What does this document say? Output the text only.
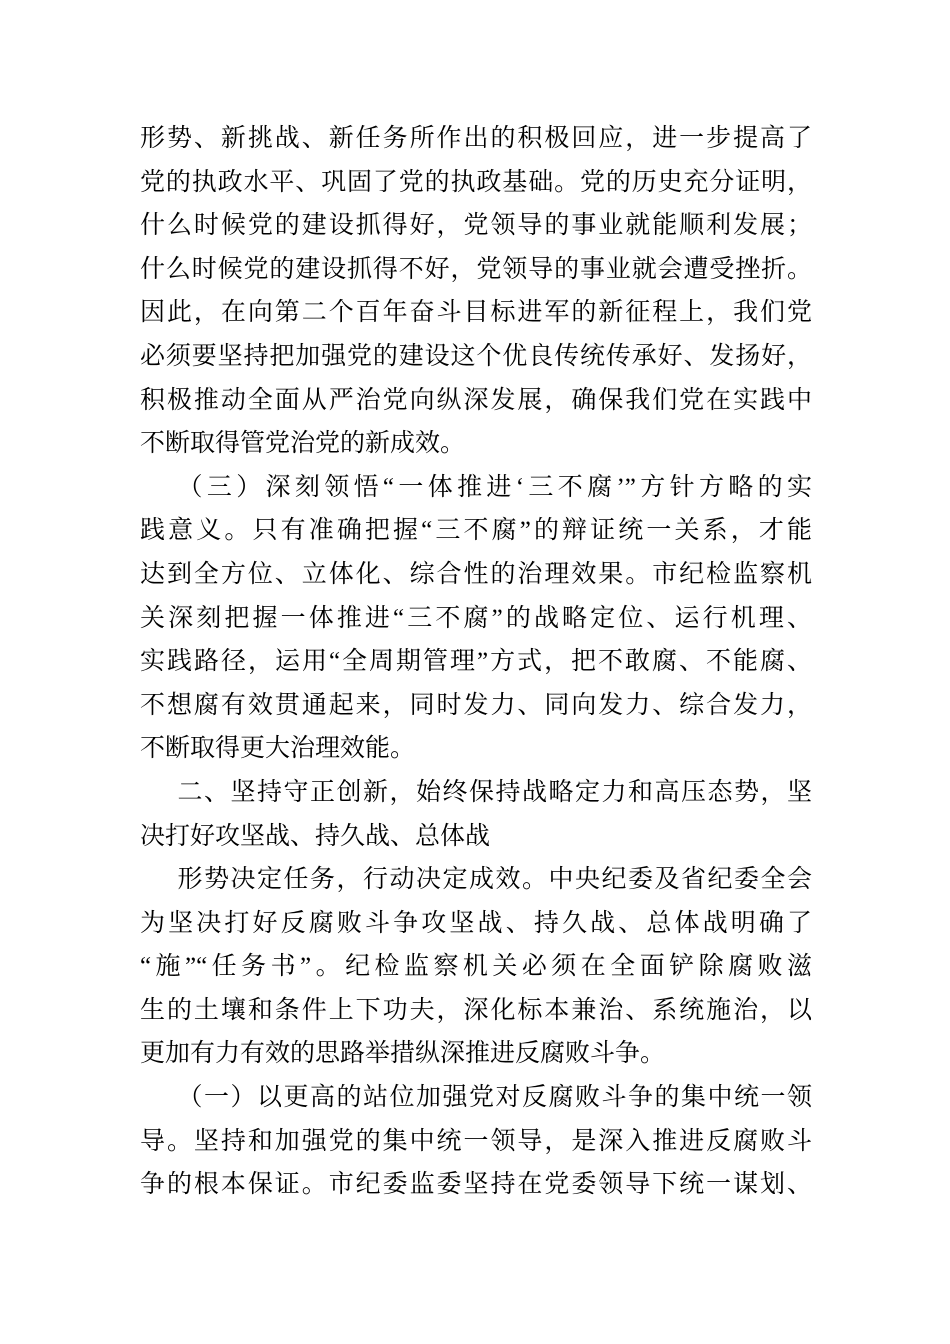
形势、新挑战、新任务所作出的积极回应，进一步提高了
党的执政水平、巩固了党的执政基础。党的历史充分证明，
什么时候党的建设抓得好，党领导的事业就能顺利发展；
什么时候党的建设抓得不好，党领导的事业就会遭受挫折。
因此，在向第二个百年奋斗目标进军的新征程上，我们党
必须要坚持把加强党的建设这个优良传统传承好、发扬好，
积极推动全面从严治党向纵深发展，确保我们党在实践中
不断取得管党治党的新成效。
（三）深刻领悟“一体推进‘三不腐’”方针方略的实
践意义。只有准确把握“三不腐”的辩证统一关系，才能
达到全方位、立体化、综合性的治理效果。市纪检监察机
关深刻把握一体推进“三不腐”的战略定位、运行机理、
实践路径，运用“全周期管理”方式，把不敢腐、不能腐、
不想腐有效贯通起来，同时发力、同向发力、综合发力，
不断取得更大治理效能。
二、坚持守正创新，始终保持战略定力和高压态势，坚
决打好攻坚战、持久战、总体战
形势决定任务，行动决定成效。中央纪委及省纪委全会
为坚决打好反腐败斗争攻坚战、持久战、总体战明确了
“施”“任务书”。纪检监察机关必须在全面铲除腐败滋
生的土壤和条件上下功夫，深化标本兼治、系统施治，以
更加有力有效的思路举措纵深推进反腐败斗争。
（一）以更高的站位加强党对反腐败斗争的集中统一领
导。坚持和加强党的集中统一领导，是深入推进反腐败斗
争的根本保证。市纪委监委坚持在党委领导下统一谋划、
